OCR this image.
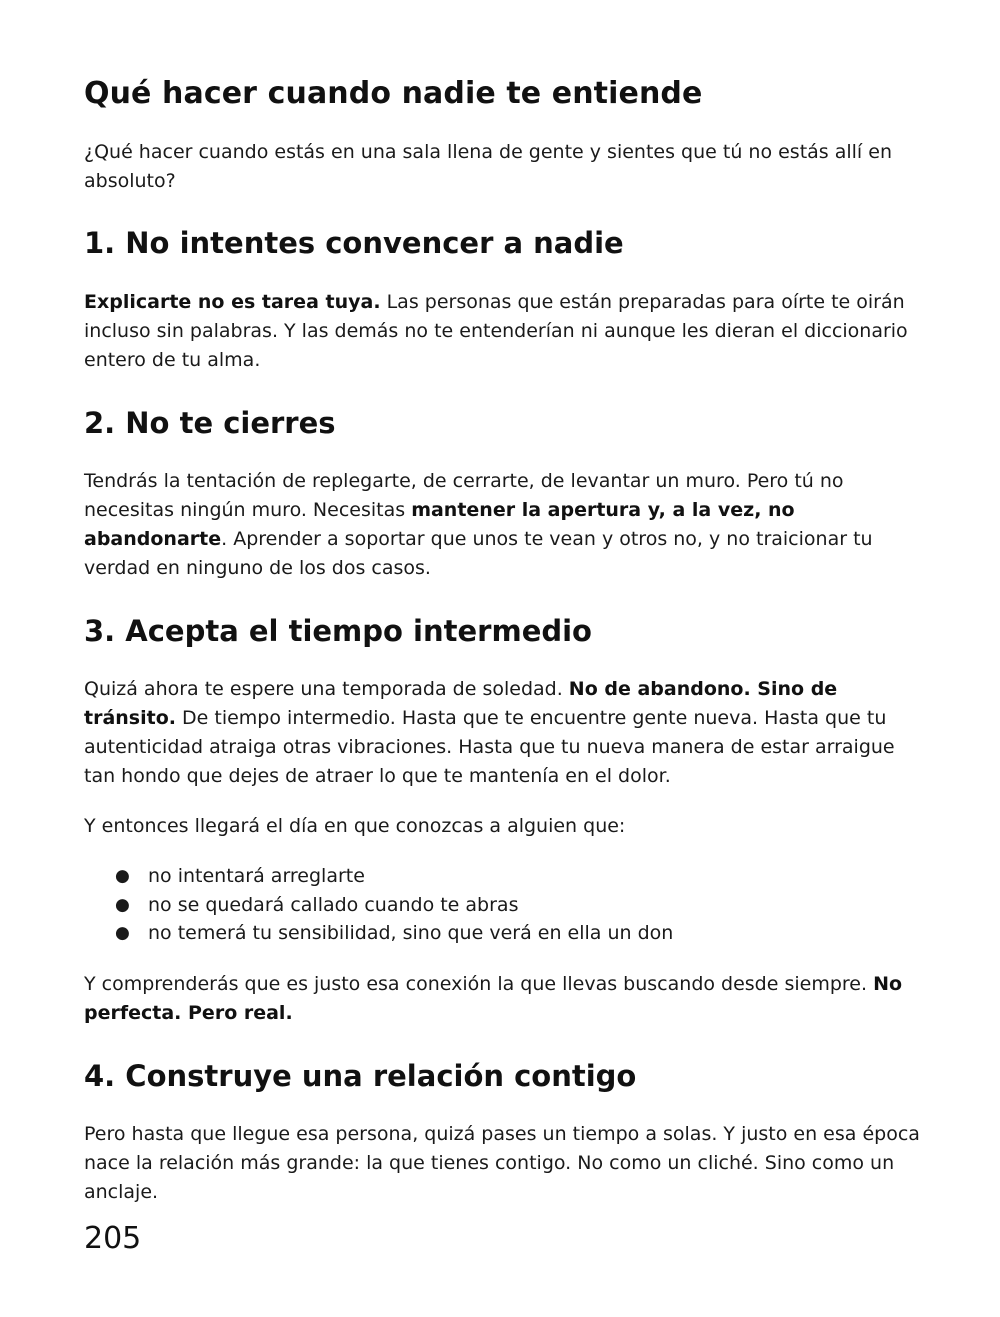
Qué hacer cuando nadie te entiende

¿Qué hacer cuando estás en una sala llena de gente y sientes que tú no estás allí en absoluto?

1. No intentes convencer a nadie

Explicarte no es tarea tuya. Las personas que están preparadas para oírte te oirán incluso sin palabras. Y las demás no te entenderían ni aunque les dieran el diccionario entero de tu alma.

2. No te cierres

Tendrás la tentación de replegarte, de cerrarte, de levantar un muro. Pero tú no necesitas ningún muro. Necesitas mantener la apertura y, a la vez, no abandonarte. Aprender a soportar que unos te vean y otros no, y no traicionar tu verdad en ninguno de los dos casos.

3. Acepta el tiempo intermedio

Quizá ahora te espere una temporada de soledad. No de abandono. Sino de tránsito. De tiempo intermedio. Hasta que te encuentre gente nueva. Hasta que tu autenticidad atraiga otras vibraciones. Hasta que tu nueva manera de estar arraigue tan hondo que dejes de atraer lo que te mantenía en el dolor.

Y entonces llegará el día en que conozcas a alguien que:

● no intentará arreglarte
● no se quedará callado cuando te abras
● no temerá tu sensibilidad, sino que verá en ella un don

Y comprenderás que es justo esa conexión la que llevas buscando desde siempre. No perfecta. Pero real.

4. Construye una relación contigo

Pero hasta que llegue esa persona, quizá pases un tiempo a solas. Y justo en esa época nace la relación más grande: la que tienes contigo. No como un cliché. Sino como un anclaje.

205
